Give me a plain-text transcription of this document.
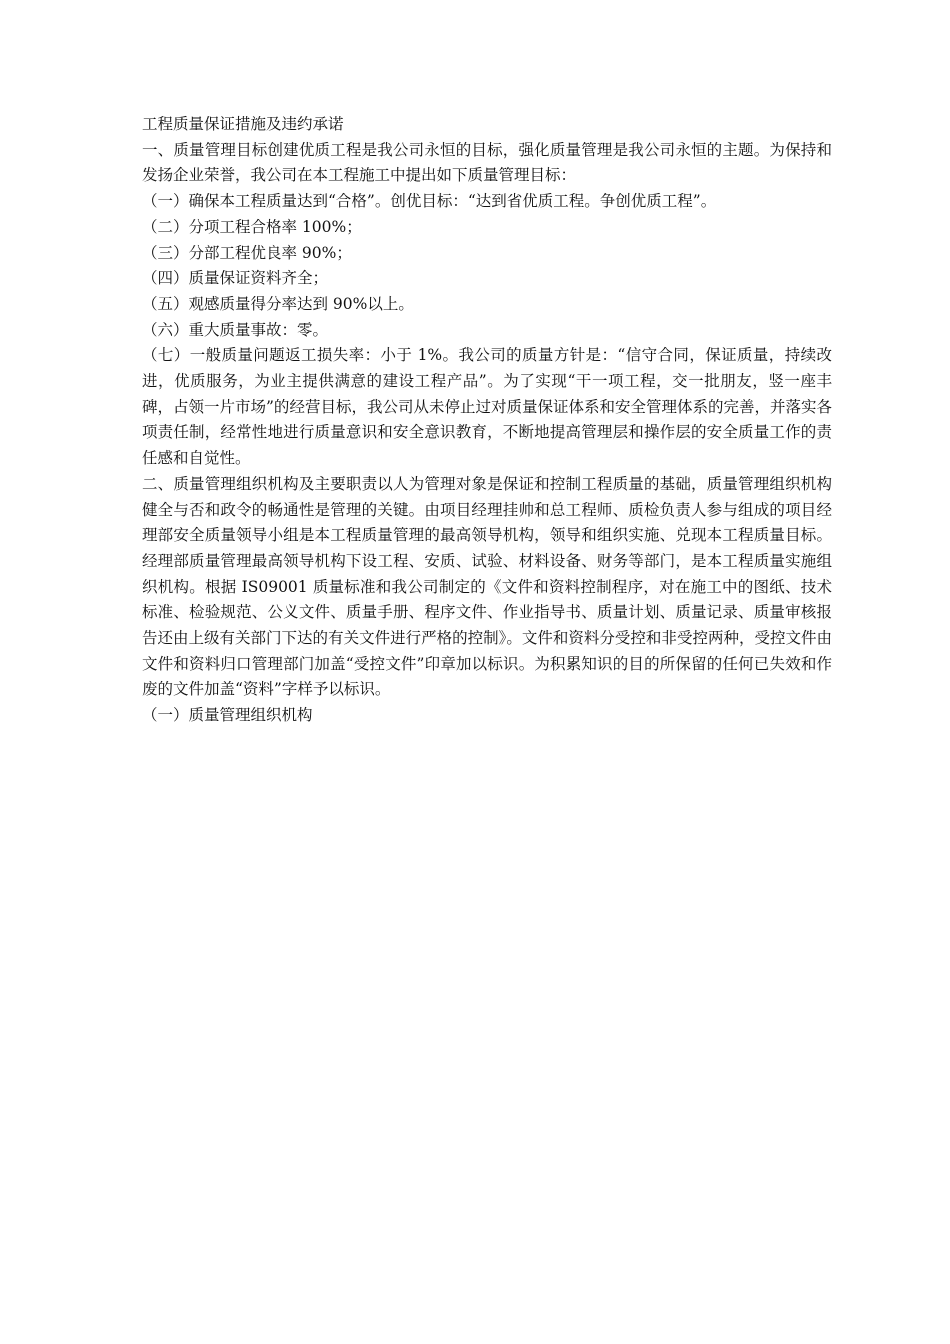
工程质量保证措施及违约承诺

一、质量管理目标创建优质工程是我公司永恒的目标，强化质量管理是我公司永恒的主题。为保持和发扬企业荣誉，我公司在本工程施工中提出如下质量管理目标：

（一）确保本工程质量达到“合格”。创优目标：“达到省优质工程。争创优质工程”。

（二）分项工程合格率 100%；

（三）分部工程优良率 90%；

（四）质量保证资料齐全；

（五）观感质量得分率达到 90%以上。

（六）重大质量事故：零。

（七）一般质量问题返工损失率：小于 1%。我公司的质量方针是：“信守合同，保证质量，持续改进，优质服务，为业主提供满意的建设工程产品”。为了实现“干一项工程，交一批朋友，竖一座丰碑，占领一片市场”的经营目标，我公司从未停止过对质量保证体系和安全管理体系的完善，并落实各项责任制，经常性地进行质量意识和安全意识教育，不断地提高管理层和操作层的安全质量工作的责任感和自觉性。

二、质量管理组织机构及主要职责以人为管理对象是保证和控制工程质量的基础，质量管理组织机构健全与否和政令的畅通性是管理的关键。由项目经理挂帅和总工程师、质检负责人参与组成的项目经理部安全质量领导小组是本工程质量管理的最高领导机构，领导和组织实施、兑现本工程质量目标。经理部质量管理最高领导机构下设工程、安质、试验、材料设备、财务等部门，是本工程质量实施组织机构。根据 IS09001 质量标准和我公司制定的《文件和资料控制程序，对在施工中的图纸、技术标准、检验规范、公义文件、质量手册、程序文件、作业指导书、质量计划、质量记录、质量审核报告还由上级有关部门下达的有关文件进行严格的控制》。文件和资料分受控和非受控两种，受控文件由文件和资料归口管理部门加盖“受控文件”印章加以标识。为积累知识的目的所保留的任何已失效和作废的文件加盖“资料”字样予以标识。

（一）质量管理组织机构
